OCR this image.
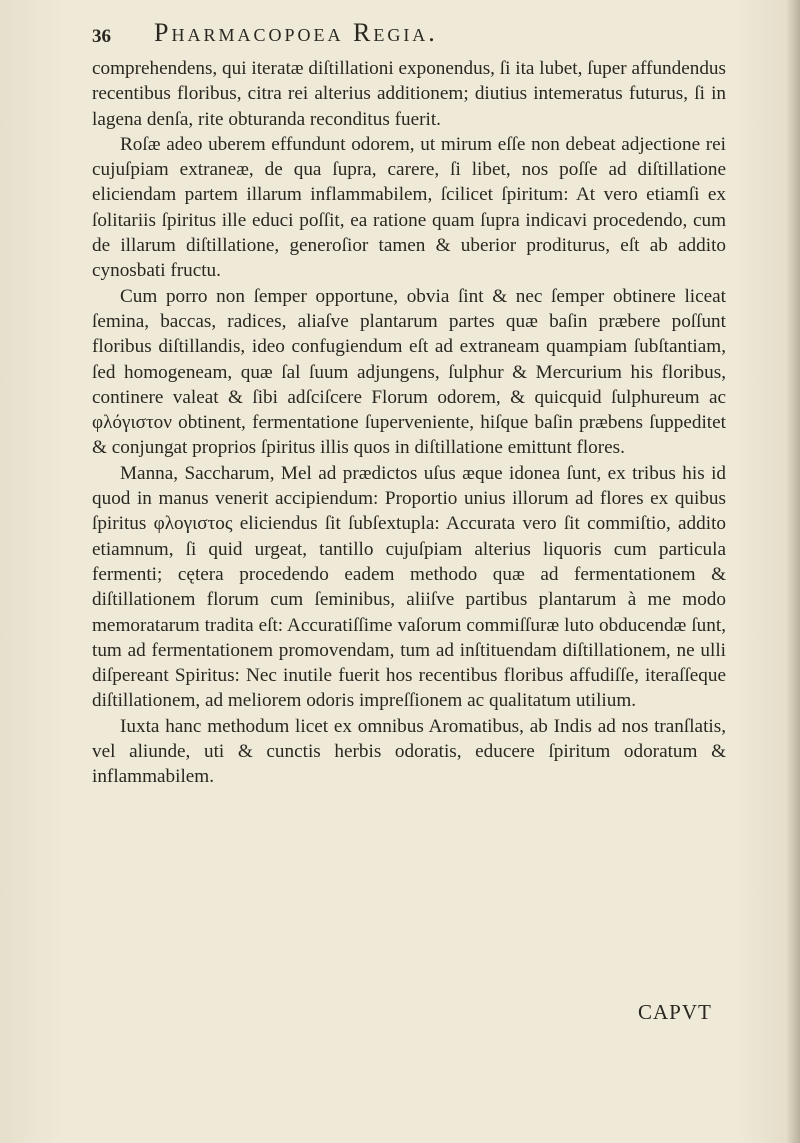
36 Pharmacopoea Regia.

comprehendens, qui iteratæ diſtillationi exponendus, ſi ita lubet, ſuper affundendus recentibus floribus, citra rei alterius additionem; diutius intemeratus futurus, ſi in lagena denſa, rite obturanda reconditus fuerit.

Roſæ adeo uberem effundunt odorem, ut mirum eſſe non debeat adjectione rei cujuſpiam extraneæ, de qua ſupra, carere, ſi libet, nos poſſe ad diſtillatione eliciendam partem illarum inflammabilem, ſcilicet ſpiritum: At vero etiamſi ex ſolitariis ſpiritus ille educi poſſit, ea ratione quam ſupra indicavi procedendo, cum de illarum diſtillatione, generoſior tamen & uberior proditurus, eſt ab addito cynosbati fructu.

Cum porro non ſemper opportune, obvia ſint & nec ſemper obtinere liceat ſemina, baccas, radices, aliaſve plantarum partes quæ baſin præbere poſſunt floribus diſtillandis, ideo confugiendum eſt ad extraneam quampiam ſubſtantiam, ſed homogeneam, quæ ſal ſuum adjungens, ſulphur & Mercurium his floribus, continere valeat & ſibi adſciſcere Florum odorem, & quicquid ſulphureum ac φλόγιστον obtinent, fermentatione ſuperveniente, hiſque baſin præbens ſuppeditet & conjungat proprios ſpiritus illis quos in diſtillatione emittunt flores.

Manna, Saccharum, Mel ad prædictos uſus æque idonea ſunt, ex tribus his id quod in manus venerit accipiendum: Proportio unius illorum ad flores ex quibus ſpiritus φλογιστος eliciendus ſit ſubſextupla: Accurata vero ſit commiſtio, addito etiamnum, ſi quid urgeat, tantillo cujuſpiam alterius liquoris cum particula fermenti; cętera procedendo eadem methodo quæ ad fermentationem & diſtillationem florum cum ſeminibus, aliiſve partibus plantarum à me modo memoratarum tradita eſt: Accuratiſſime vaſorum commiſſuræ luto obducendæ ſunt, tum ad fermentationem promovendam, tum ad inſtituendam diſtillationem, ne ulli diſpereant Spiritus: Nec inutile fuerit hos recentibus floribus affudiſſe, iteraſſeque diſtillationem, ad meliorem odoris impreſſionem ac qualitatum utilium.

Iuxta hanc methodum licet ex omnibus Aromatibus, ab Indis ad nos tranſlatis, vel aliunde, uti & cunctis herbis odoratis, educere ſpiritum odoratum & inflammabilem.

CAPVT
